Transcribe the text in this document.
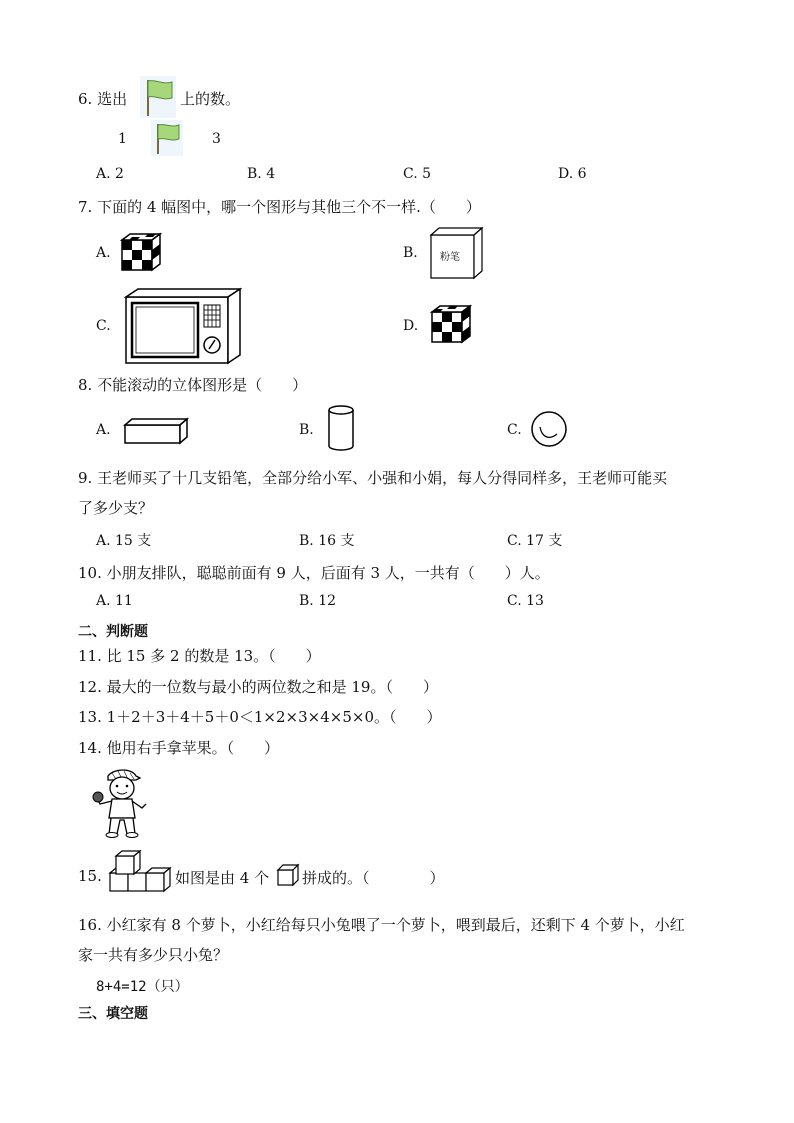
6. 选出	上的数。
1	3
A. 2	B. 4	C. 5	D. 6
7. 下面的 4 幅图中，哪一个图形与其他三个不一样.（　　）
A.	B. 粉笔
C.	D.
8. 不能滚动的立体图形是（　　）
A.	B.	C.
9. 王老师买了十几支铅笔，全部分给小军、小强和小娟，每人分得同样多，王老师可能买
了多少支？
A. 15 支	B. 16 支	C. 17 支
10. 小朋友排队，聪聪前面有 9 人，后面有 3 人，一共有（　　）人。
A. 11	B. 12	C. 13
二、判断题
11. 比 15 多 2 的数是 13。（　　）
12. 最大的一位数与最小的两位数之和是 19。（　　）
13. 1＋2＋3＋4＋5＋0＜1×2×3×4×5×0。（　　）
14. 他用右手拿苹果。（　　）
15.	如图是由 4 个 拼成的。（　　　　）
16. 小红家有 8 个萝卜，小红给每只小兔喂了一个萝卜，喂到最后，还剩下 4 个萝卜，小红
家一共有多少只小兔？
8+4=12（只）
三、填空题
